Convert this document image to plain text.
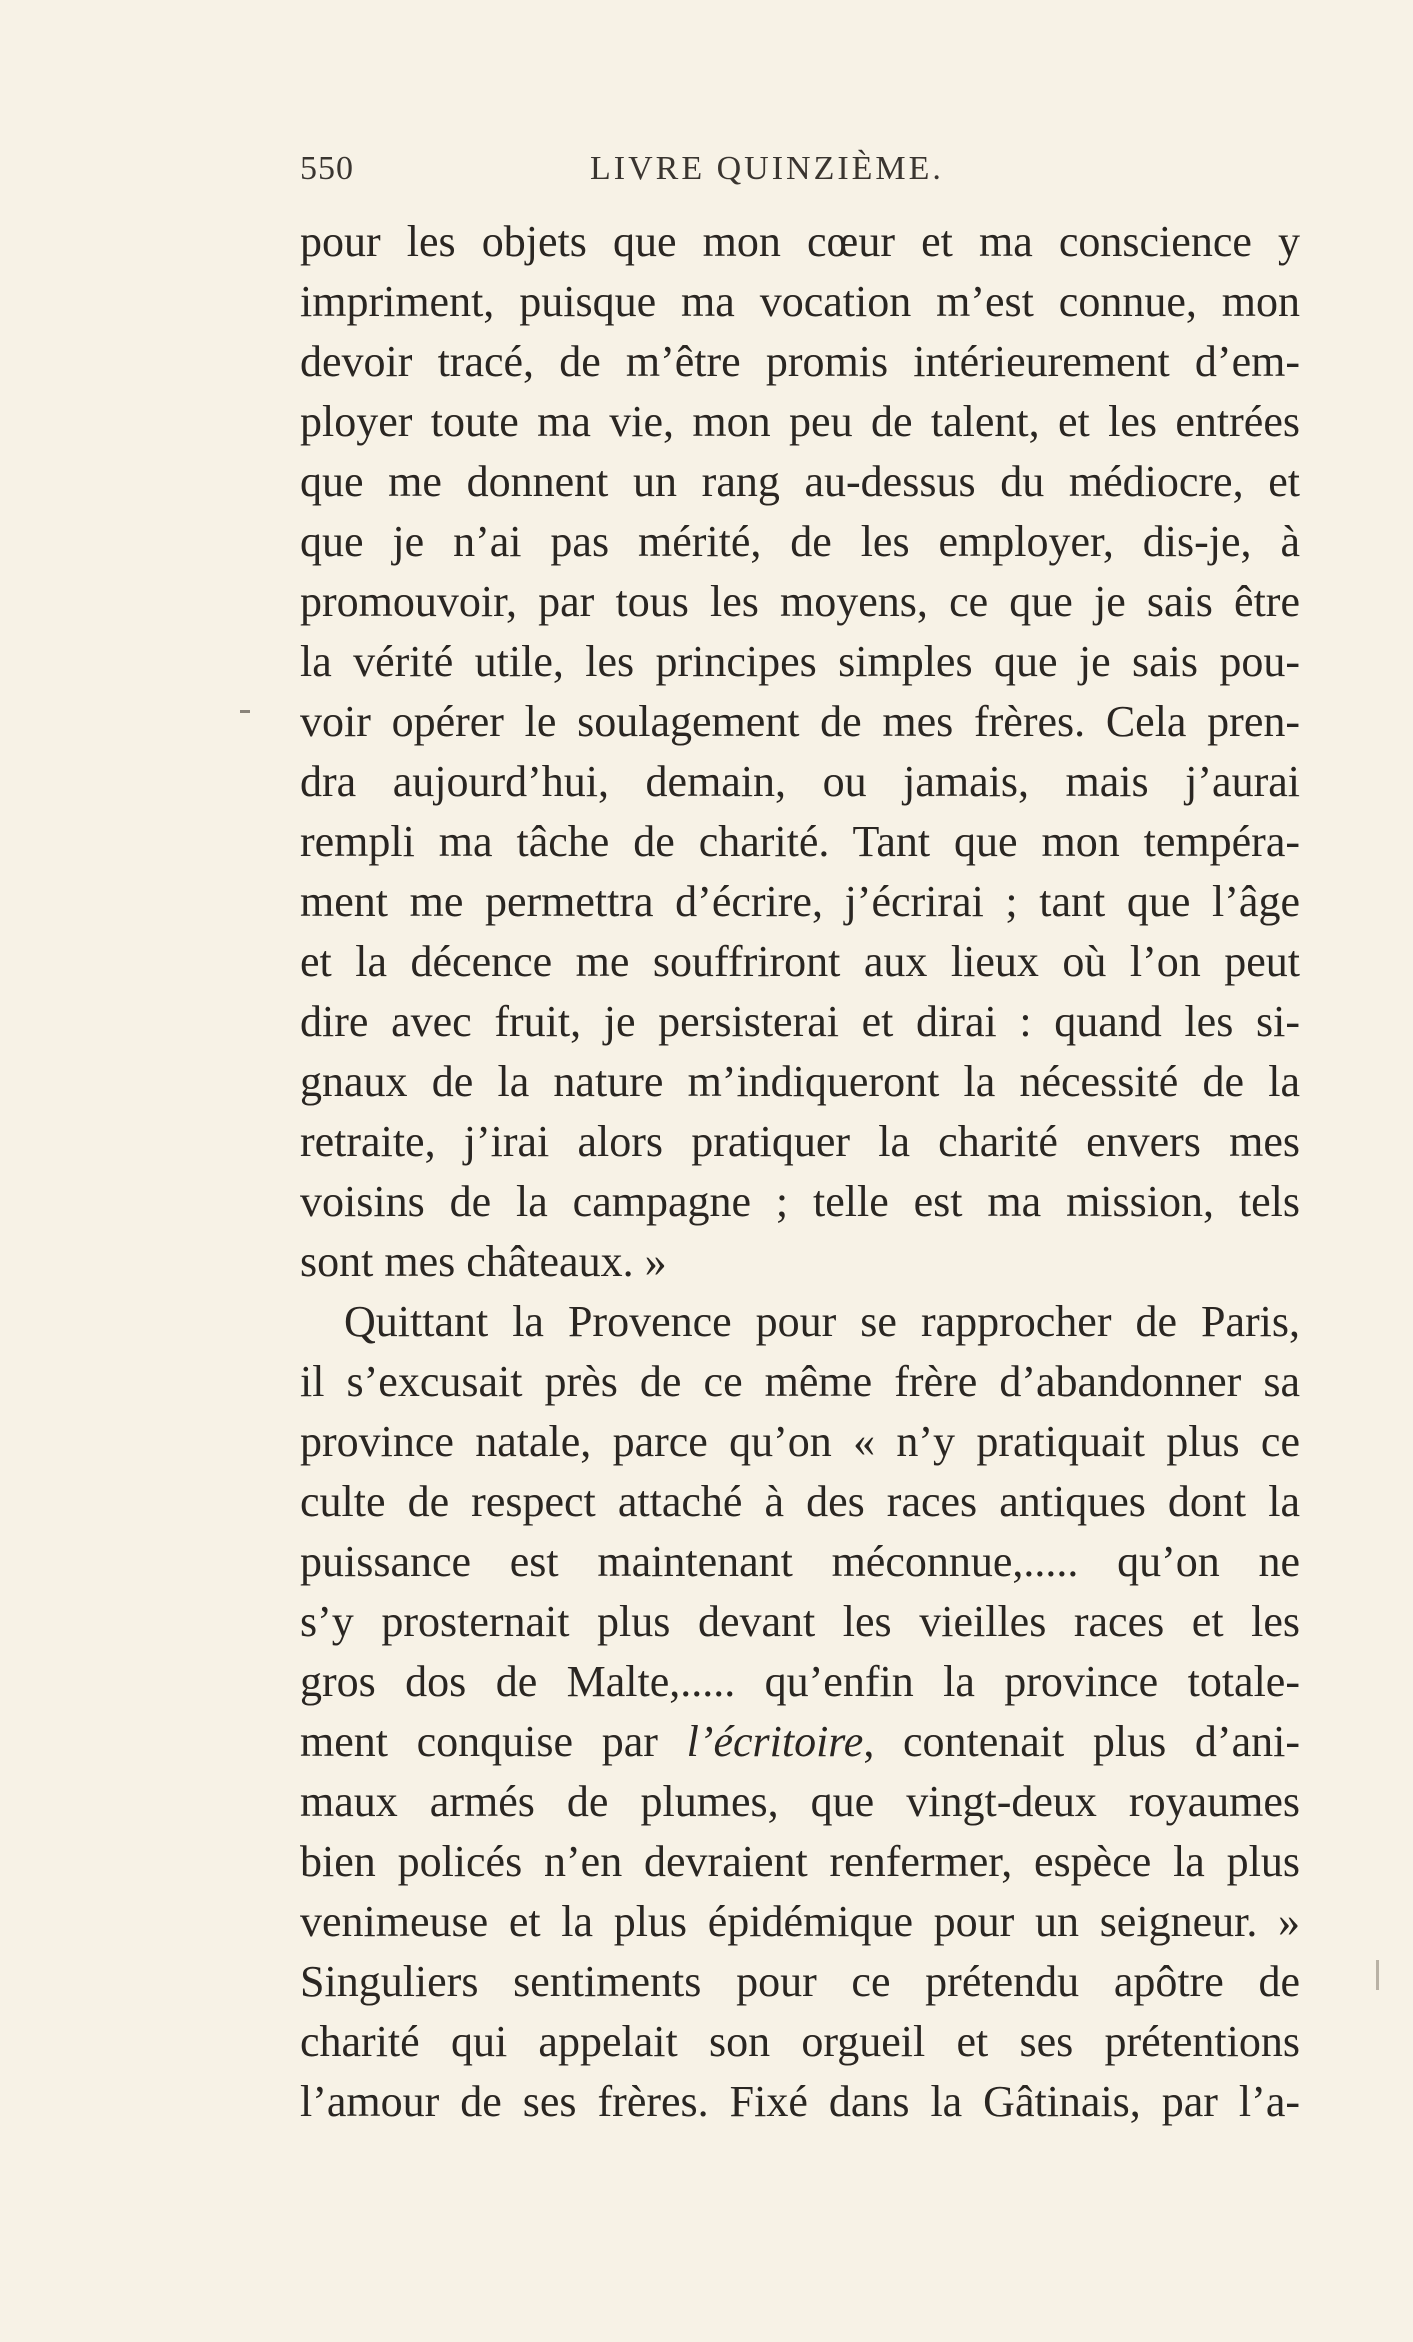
550	LIVRE QUINZIÈME.
pour les objets que mon cœur et ma conscience y
impriment, puisque ma vocation m’est connue, mon
devoir tracé, de m’être promis intérieurement d’em-
ployer toute ma vie, mon peu de talent, et les entrées
que me donnent un rang au-dessus du médiocre, et
que je n’ai pas mérité, de les employer, dis-je, à
promouvoir, par tous les moyens, ce que je sais être
la vérité utile, les principes simples que je sais pou-
voir opérer le soulagement de mes frères. Cela pren-
dra aujourd’hui, demain, ou jamais, mais j’aurai
rempli ma tâche de charité. Tant que mon tempéra-
ment me permettra d’écrire, j’écrirai ; tant que l’âge
et la décence me souffriront aux lieux où l’on peut
dire avec fruit, je persisterai et dirai : quand les si-
gnaux de la nature m’indiqueront la nécessité de la
retraite, j’irai alors pratiquer la charité envers mes
voisins de la campagne ; telle est ma mission, tels
sont mes châteaux. »
Quittant la Provence pour se rapprocher de Paris,
il s’excusait près de ce même frère d’abandonner sa
province natale, parce qu’on « n’y pratiquait plus ce
culte de respect attaché à des races antiques dont la
puissance est maintenant méconnue,..... qu’on ne
s’y prosternait plus devant les vieilles races et les
gros dos de Malte,..... qu’enfin la province totale-
ment conquise par l’écritoire, contenait plus d’ani-
maux armés de plumes, que vingt-deux royaumes
bien policés n’en devraient renfermer, espèce la plus
venimeuse et la plus épidémique pour un seigneur. »
Singuliers sentiments pour ce prétendu apôtre de
charité qui appelait son orgueil et ses prétentions
l’amour de ses frères. Fixé dans la Gâtinais, par l’a-
